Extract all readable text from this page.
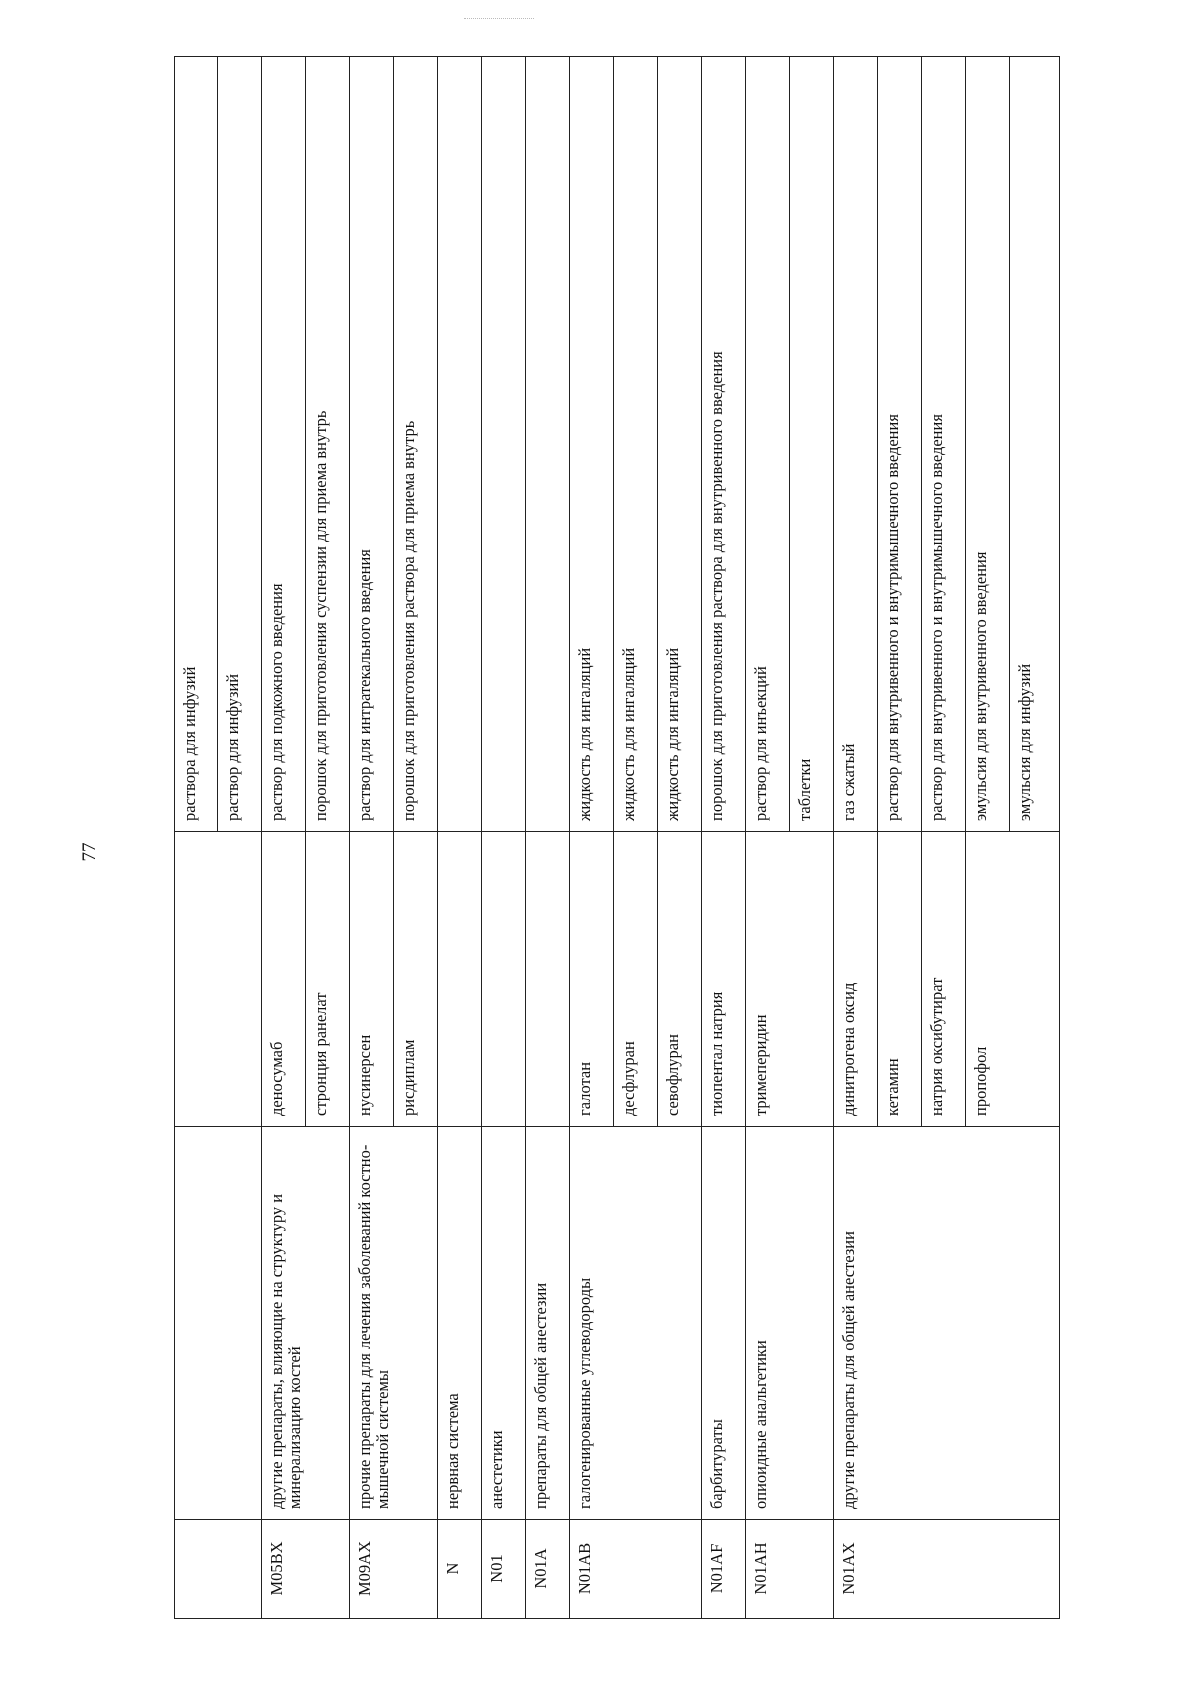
77
			раствора для инфузий
			раствор для инфузий
M05BX	другие препараты, влияющие на структуру и минерализацию костей	деносумаб	раствор для подкожного введения
		стронция ранелат	порошок для приготовления суспензии для приема внутрь
M09AX	прочие препараты для лечения заболеваний костно-мышечной системы	нусинерсен	раствор для интратекального введения
		рисдиплам	порошок для приготовления раствора для приема внутрь
N	нервная система		
N01	анестетики		
N01A	препараты для общей анестезии		
N01AB	галогенированные углеводороды	галотан	жидкость для ингаляций
		десфлуран	жидкость для ингаляций
		севофлуран	жидкость для ингаляций
N01AF	барбитураты	тиопентал натрия	порошок для приготовления раствора для внутривенного введения
N01AH	опиоидные анальгетики	тримеперидин	раствор для инъекций
			таблетки
N01AX	другие препараты для общей анестезии	динитрогена оксид	газ сжатый
		кетамин	раствор для внутривенного и внутримышечного введения
		натрия оксибутират	раствор для внутривенного и внутримышечного введения
		пропофол	эмульсия для внутривенного введения
			эмульсия для инфузий
